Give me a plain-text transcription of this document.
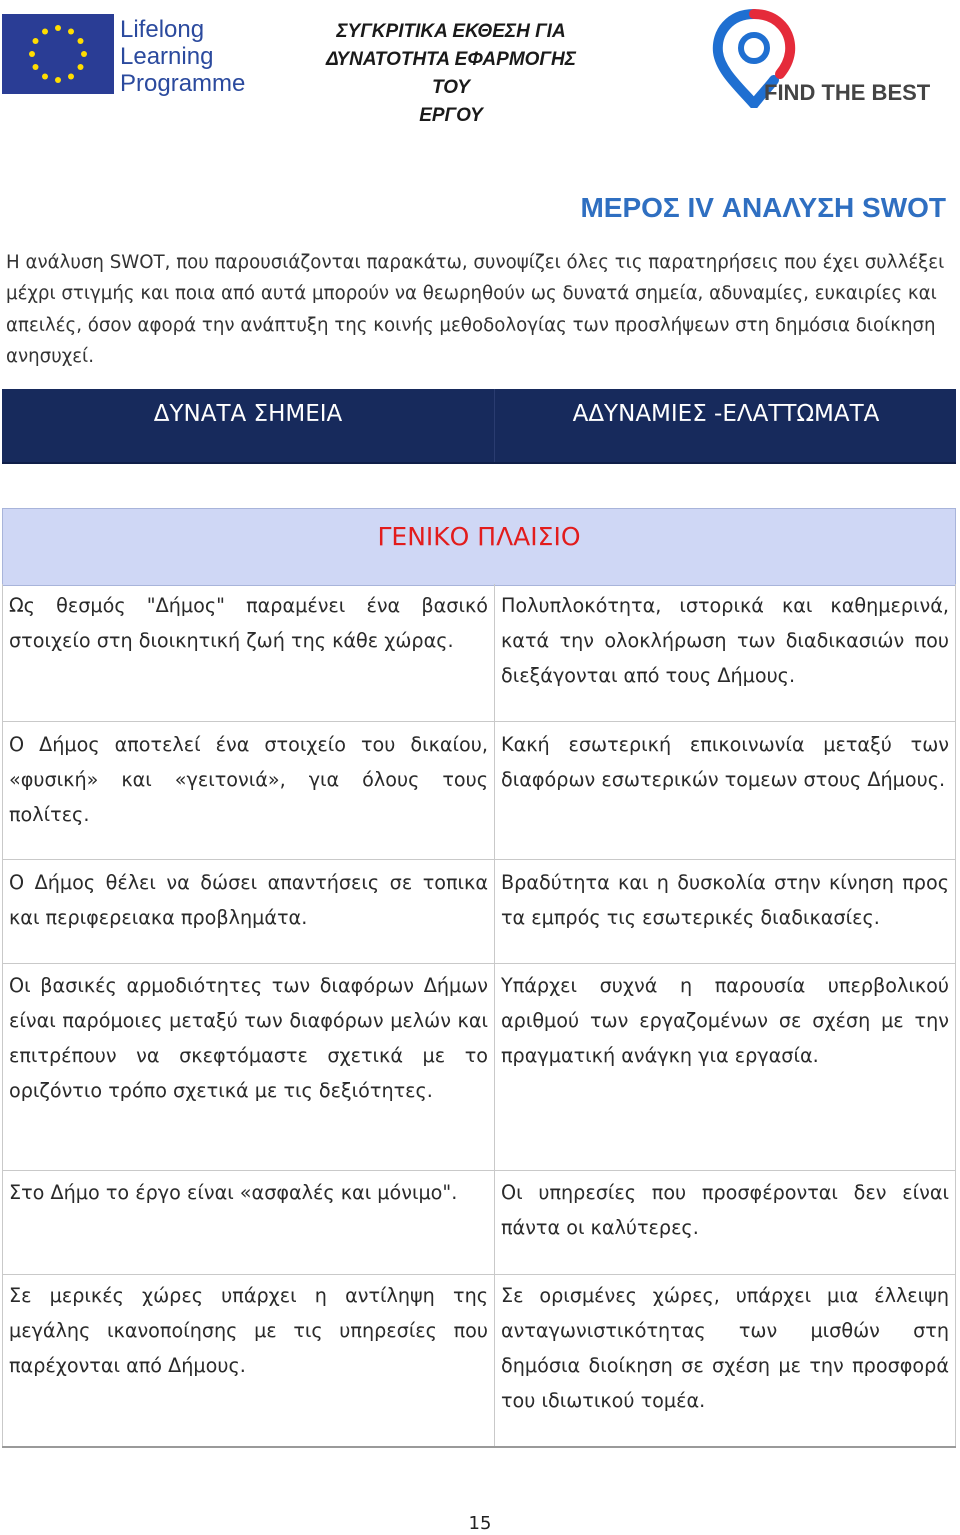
Lifelong
Learning
Programme
ΣΥΓΚΡΙΤΙΚΑ ΕΚΘΕΣΗ ΓΙΑ
ΔΥΝΑΤΟΤΗΤΑ ΕΦΑΡΜΟΓΗΣ ΤΟΥ
ΕΡΓΟΥ
FIND THE BEST
ΜΕΡΟΣ IV ΑΝΑΛΥΣΗ SWOT

Η ανάλυση SWOT, που παρουσιάζονται παρακάτω, συνοψίζει όλες τις παρατηρήσεις που έχει συλλέξει μέχρι στιγμής και ποια από αυτά μπορούν να θεωρηθούν ως δυνατά σημεία, αδυναμίες, ευκαιρίες και απειλές, όσον αφορά την ανάπτυξη της κοινής μεθοδολογίας των προσλήψεων στη δημόσια διοίκηση ανησυχεί.

ΔΥΝΑΤΑ ΣΗΜΕΙΑ	ΑΔΥΝΑΜΙΕΣ -ΕΛΑΤΤΩΜΑΤΑ
ΓΕΝΙΚΟ ΠΛΑΙΣΙΟ

Ως θεσμός "Δήμος" παραμένει ένα βασικό στοιχείο στη διοικητική ζωή της κάθε χώρας.

Πολυπλοκότητα, ιστορικά και καθημερινά, κατά την ολοκλήρωση των διαδικασιών που διεξάγονται από τους Δήμους.

Ο Δήμος αποτελεί ένα στοιχείο του δικαίου, «φυσική» και «γειτονιά», για όλους τους πολίτες.

Κακή εσωτερική επικοινωνία μεταξύ των διαφόρων εσωτερικών τομεων στους Δήμους.

Ο Δήμος θέλει να δώσει απαντήσεις σε τοπικα και περιφερειακα προβλημάτα.

Βραδύτητα και η δυσκολία στην κίνηση προς τα εμπρός τις εσωτερικές διαδικασίες.

Οι βασικές αρμοδιότητες των διαφόρων Δήμων είναι παρόμοιες μεταξύ των διαφόρων μελών και επιτρέπουν να σκεφτόμαστε σχετικά με το οριζόντιο τρόπο σχετικά με τις δεξιότητες.

Υπάρχει συχνά η παρουσία υπερβολικού αριθμού των εργαζομένων σε σχέση με την πραγματική ανάγκη για εργασία.

Στο Δήμο το έργο είναι «ασφαλές και μόνιμο".	Οι υπηρεσίες που προσφέρονται δεν είναι πάντα οι καλύτερες.

Σε μερικές χώρες υπάρχει η αντίληψη της μεγάλης ικανοποίησης με τις υπηρεσίες που παρέχονται από Δήμους.

Σε ορισμένες χώρες, υπάρχει μια έλλειψη ανταγωνιστικότητας των μισθών στη δημόσια διοίκηση σε σχέση με την προσφορά του ιδιωτικού τομέα.

15
